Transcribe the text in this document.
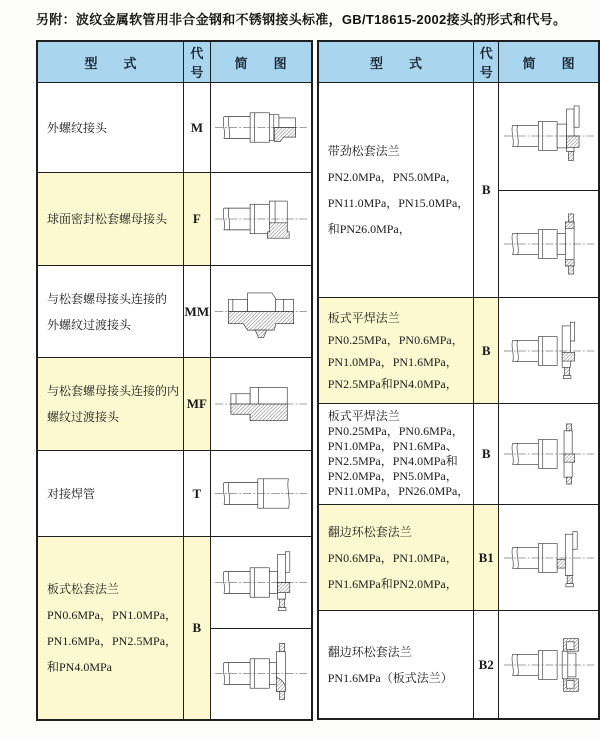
另附：波纹金属软管用非合金钢和不锈钢接头标准，GB/T18615-2002接头的形式和代号。
型　　式	代号	简　　图

外螺纹接头	M	

球面密封松套螺母接头	F	

与松套螺母接头连接的
外螺纹过渡接头	MM	

与松套螺母接头连接的内
螺纹过渡接头	MF	

对接焊管	T	

板式松套法兰
PN0.6MPa，PN1.0MPa，
PN1.6MPa，PN2.5MPa，
和PN4.0MPa	B	
型　　式	代号	简　　图

带劲松套法兰
PN2.0MPa，PN5.0MPa，
PN11.0MPa，PN15.0MPa，
和PN26.0MPa，	B	

板式平焊法兰
PN0.25MPa，PN0.6MPa，
PN1.0MPa，PN1.6MPa，
PN2.5MPa和PN4.0MPa，	B	

板式平焊法兰
PN0.25MPa，PN0.6MPa，
PN1.0MPa，PN1.6MPa、
PN2.5MPa，PN4.0MPa和
PN2.0MPa，PN5.0MPa，
PN11.0MPa，PN26.0MPa，
	B	

翻边环松套法兰
PN0.6MPa，PN1.0MPa，
PN1.6MPa和PN2.0MPa，	B1	

翻边环松套法兰
PN1.6MPa（板式法兰）	B2	
